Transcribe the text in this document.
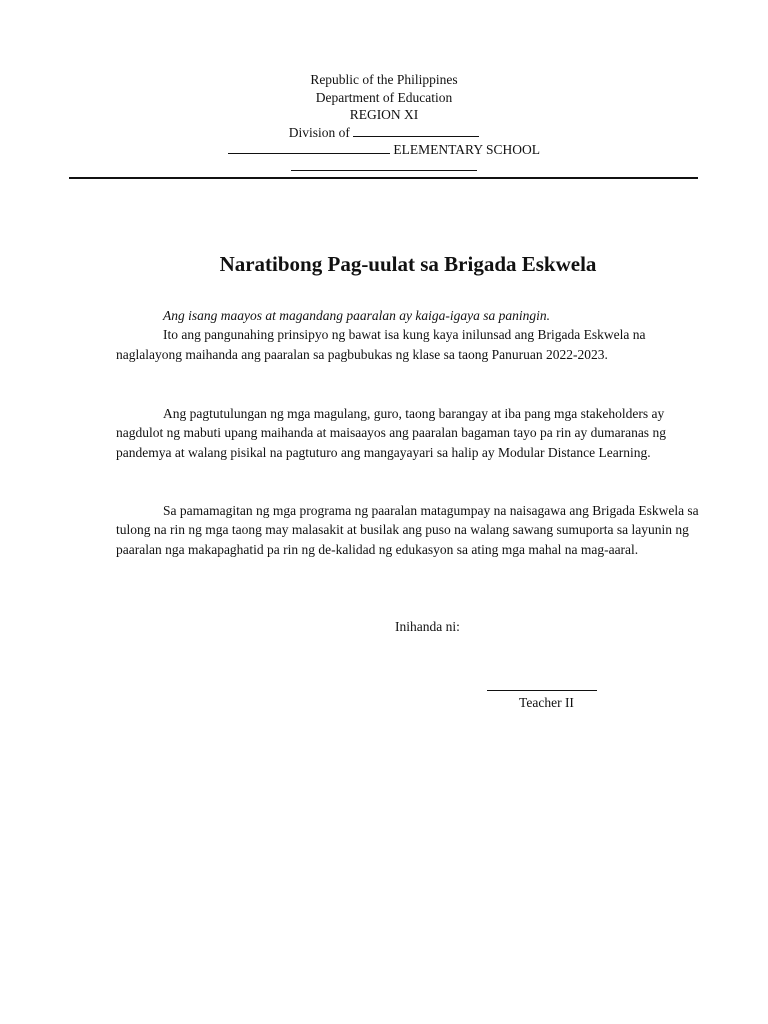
Republic of the Philippines
Department of Education
REGION XI
Division of
ELEMENTARY SCHOOL
Naratibong Pag-uulat sa Brigada Eskwela

Ang isang maayos at magandang paaralan ay kaiga-igaya sa paningin.

Ito ang pangunahing prinsipyo ng bawat isa kung kaya inilunsad ang Brigada Eskwela na naglalayong maihanda ang paaralan sa pagbubukas ng klase sa taong Panuruan 2022-2023.

Ang pagtutulungan ng mga magulang, guro, taong barangay at iba pang mga stakeholders ay nagdulot ng mabuti upang maihanda at maisaayos ang paaralan bagaman tayo pa rin ay dumaranas ng pandemya at walang pisikal na pagtuturo ang mangayayari sa halip ay Modular Distance Learning.

Sa pamamagitan ng mga programa ng paaralan matagumpay na naisagawa ang Brigada Eskwela sa tulong na rin ng mga taong may malasakit at busilak ang puso na walang sawang sumuporta sa layunin ng paaralan nga makapaghatid pa rin ng de-kalidad ng edukasyon sa ating mga mahal na mag-aaral.

Inihanda ni:
Teacher II
